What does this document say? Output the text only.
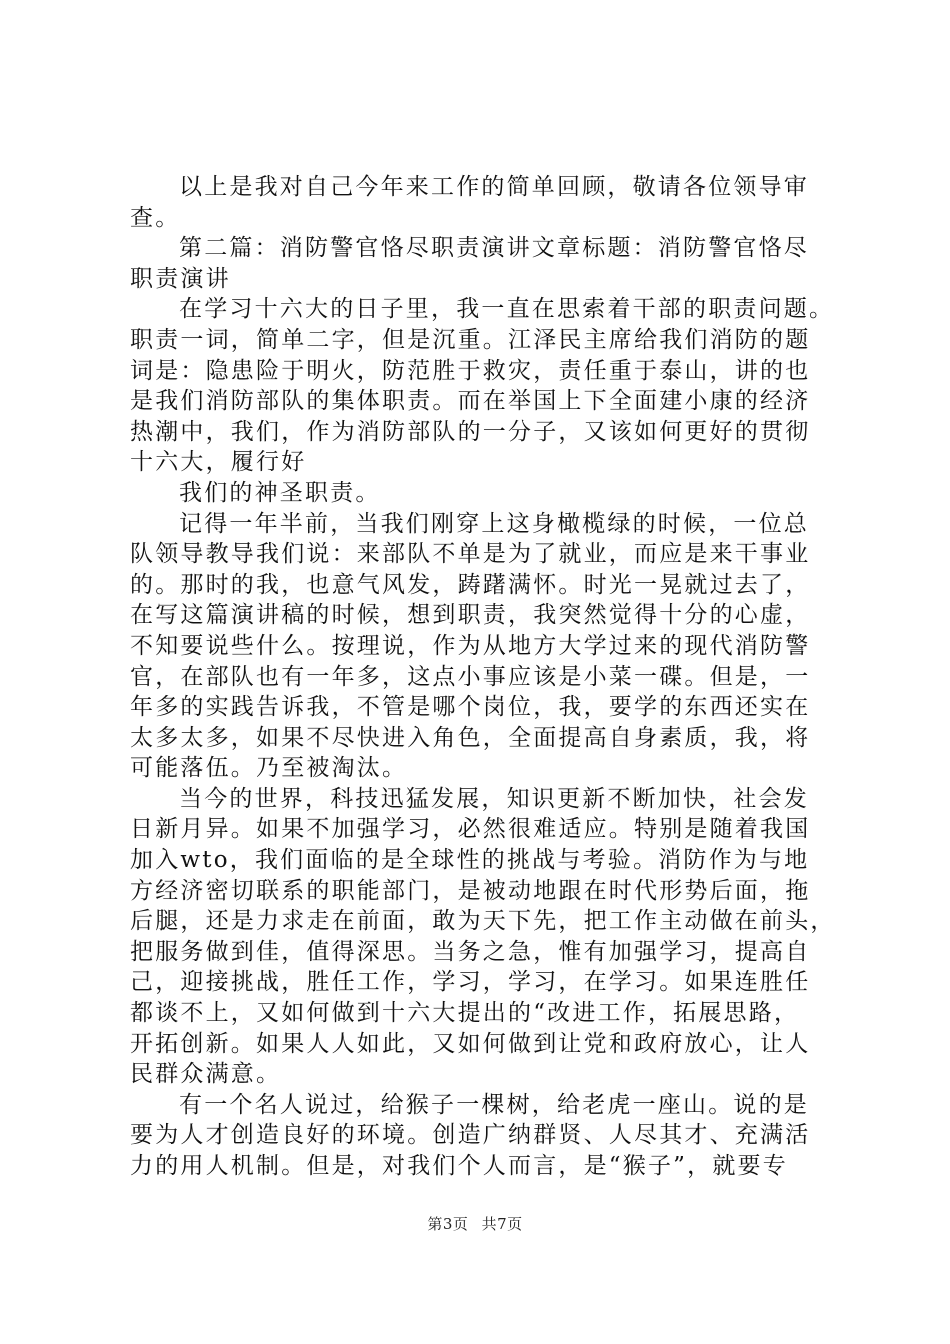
以上是我对自己今年来工作的简单回顾，敬请各位领导审
查。
第二篇：消防警官恪尽职责演讲文章标题：消防警官恪尽
职责演讲
在学习十六大的日子里，我一直在思索着干部的职责问题。
职责一词，简单二字，但是沉重。江泽民主席给我们消防的题
词是：隐患险于明火，防范胜于救灾，责任重于泰山，讲的也
是我们消防部队的集体职责。而在举国上下全面建小康的经济
热潮中，我们，作为消防部队的一分子，又该如何更好的贯彻
十六大，履行好
我们的神圣职责。
记得一年半前，当我们刚穿上这身橄榄绿的时候，一位总
队领导教导我们说：来部队不单是为了就业，而应是来干事业
的。那时的我，也意气风发，踌躇满怀。时光一晃就过去了，
在写这篇演讲稿的时候，想到职责，我突然觉得十分的心虚，
不知要说些什么。按理说，作为从地方大学过来的现代消防警
官，在部队也有一年多，这点小事应该是小菜一碟。但是，一
年多的实践告诉我，不管是哪个岗位，我，要学的东西还实在
太多太多，如果不尽快进入角色，全面提高自身素质，我，将
可能落伍。乃至被淘汰。
当今的世界，科技迅猛发展，知识更新不断加快，社会发
日新月异。如果不加强学习，必然很难适应。特别是随着我国
加入wto，我们面临的是全球性的挑战与考验。消防作为与地
方经济密切联系的职能部门，是被动地跟在时代形势后面，拖
后腿，还是力求走在前面，敢为天下先，把工作主动做在前头，
把服务做到佳，值得深思。当务之急，惟有加强学习，提高自
己，迎接挑战，胜任工作，学习，学习，在学习。如果连胜任
都谈不上，又如何做到十六大提出的“改进工作，拓展思路，
开拓创新。如果人人如此，又如何做到让党和政府放心，让人
民群众满意。
有一个名人说过，给猴子一棵树，给老虎一座山。说的是
要为人才创造良好的环境。创造广纳群贤、人尽其才、充满活
力的用人机制。但是，对我们个人而言，是“猴子”，就要专
第3页 共7页
